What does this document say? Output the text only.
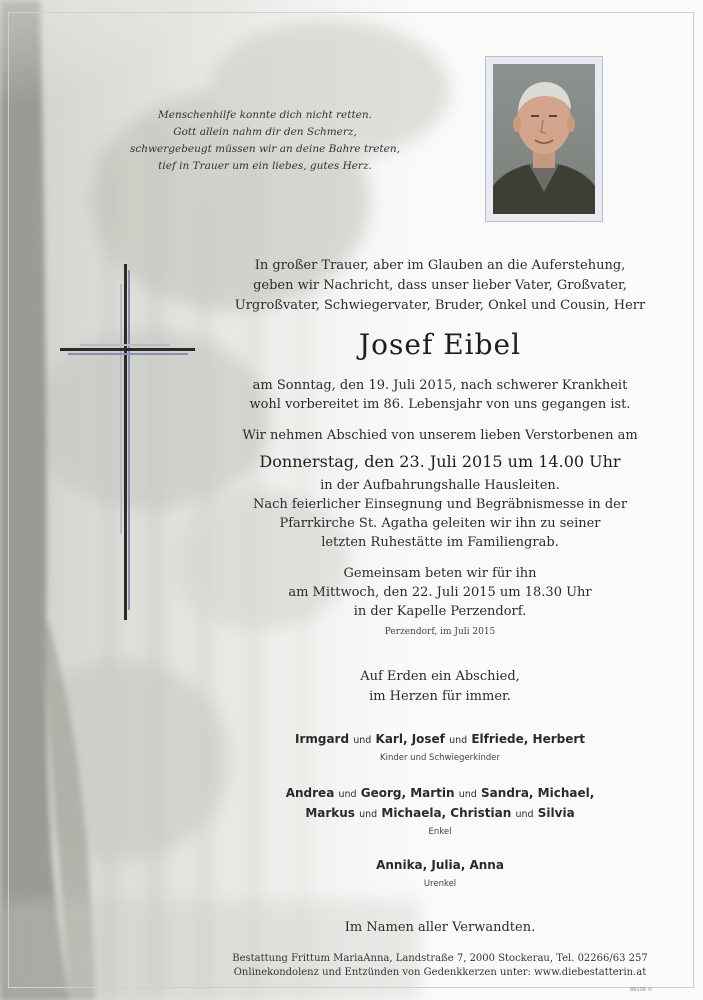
Menschenhilfe konnte dich nicht retten.
Gott allein nahm dir den Schmerz,
schwergebeugt müssen wir an deine Bahre treten,
tief in Trauer um ein liebes, gutes Herz.
In großer Trauer, aber im Glauben an die Auferstehung,
geben wir Nachricht, dass unser lieber Vater, Großvater,
Urgroßvater, Schwiegervater, Bruder, Onkel und Cousin, Herr
Josef Eibel
am Sonntag, den 19. Juli 2015, nach schwerer Krankheit
wohl vorbereitet im 86. Lebensjahr von uns gegangen ist.
Wir nehmen Abschied von unserem lieben Verstorbenen am
Donnerstag, den 23. Juli 2015 um 14.00 Uhr
in der Aufbahrungshalle Hausleiten.
Nach feierlicher Einsegnung und Begräbnismesse in der
Pfarrkirche St. Agatha geleiten wir ihn zu seiner
letzten Ruhestätte im Familiengrab.
Gemeinsam beten wir für ihn
am Mittwoch, den 22. Juli 2015 um 18.30 Uhr
in der Kapelle Perzendorf.
Perzendorf, im Juli 2015
Auf Erden ein Abschied,
im Herzen für immer.
Irmgard und Karl, Josef und Elfriede, Herbert
Kinder und Schwiegerkinder
Andrea und Georg, Martin und Sandra, Michael,
Markus und Michaela, Christian und Silvia
Enkel
Annika, Julia, Anna
Urenkel
Im Namen aller Verwandten.
Bestattung Frittum MariaAnna, Landstraße 7, 2000 Stockerau, Tel. 02266/63 257
Onlinekondolenz und Entzünden von Gedenkkerzen unter: www.diebestatterin.at
89108 ©
